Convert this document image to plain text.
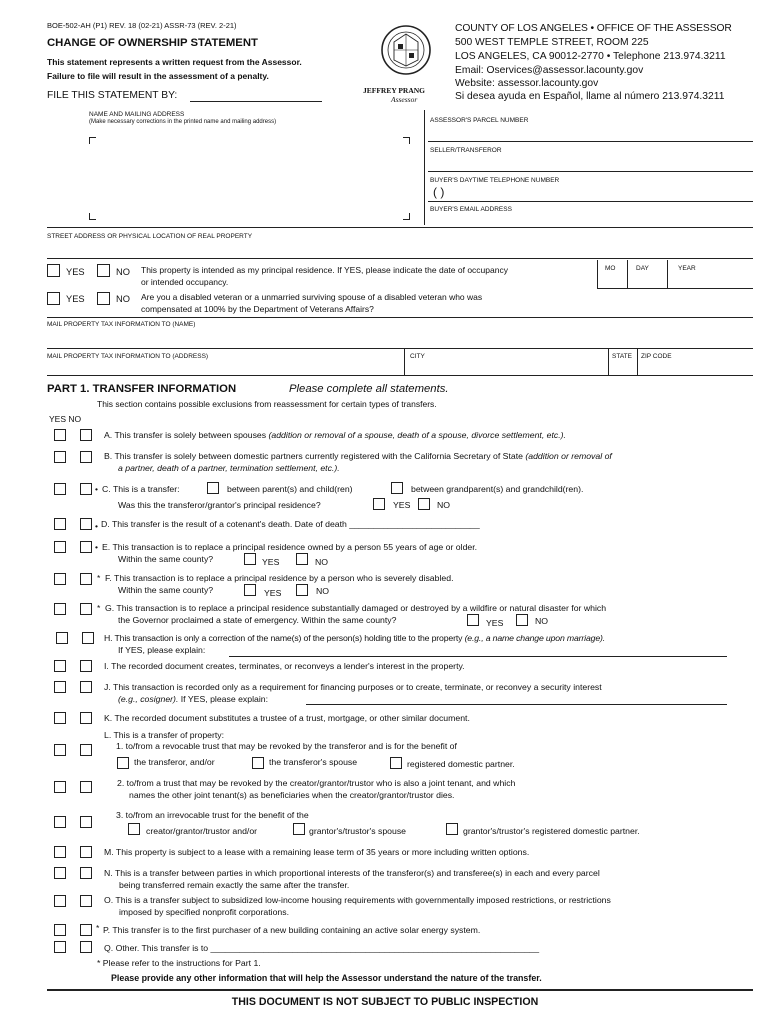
BOE-502-AH (P1) REV. 18 (02-21) ASSR-73 (REV. 2-21)
CHANGE OF OWNERSHIP STATEMENT
This statement represents a written request from the Assessor.
Failure to file will result in the assessment of a penalty.
FILE THIS STATEMENT BY:	JEFFREY PRANG
Assessor
COUNTY OF LOS ANGELES • OFFICE OF THE ASSESSOR
500 WEST TEMPLE STREET, ROOM 225
LOS ANGELES, CA 90012-2770 • Telephone 213.974.3211
Email: Oservices@assessor.lacounty.gov
Website: assessor.lacounty.gov
Si desea ayuda en Español, llame al número 213.974.3211
NAME AND MAILING ADDRESS
(Make necessary corrections in the printed name and mailing address)	ASSESSOR'S PARCEL NUMBER
SELLER/TRANSFEROR
BUYER'S DAYTIME TELEPHONE NUMBER
( )
BUYER'S EMAIL ADDRESS
STREET ADDRESS OR PHYSICAL LOCATION OF REAL PROPERTY
YES	NO This property is intended as my principal residence. If YES, please indicate the date of occupancy
or intended occupancy.
MO	DAY	YEAR
YES	NO Are you a disabled veteran or a unmarried surviving spouse of a disabled veteran who was
compensated at 100% by the Department of Veterans Affairs?
MAIL PROPERTY TAX INFORMATION TO (NAME)
MAIL PROPERTY TAX INFORMATION TO (ADDRESS)	CITY	STATE ZIP CODE
PART 1. TRANSFER INFORMATION	Please complete all statements.
This section contains possible exclusions from reassessment for certain types of transfers.
YES NO
A. This transfer is solely between spouses (addition or removal of a spouse, death of a spouse, divorce settlement, etc.).
B. This transfer is solely between domestic partners currently registered with the California Secretary of State (addition or removal of
a partner, death of a partner, termination settlement, etc.).
• C. This is a transfer:	between parent(s) and child(ren)	between grandparent(s) and grandchild(ren).
Was this the transferor/grantor's principal residence?	YES	NO
• D. This transfer is the result of a cotenant's death. Date of death ___________________________
• E. This transaction is to replace a principal residence owned by a person 55 years of age or older.
Within the same county?	YES	NO
* F. This transaction is to replace a principal residence by a person who is severely disabled.
Within the same county?	YES	NO
* G. This transaction is to replace a principal residence substantially damaged or destroyed by a wildfire or natural disaster for which
the Governor proclaimed a state of emergency. Within the same county?	YES	NO
H. This transaction is only a correction of the name(s) of the person(s) holding title to the property (e.g., a name change upon marriage).
If YES, please explain:
I. The recorded document creates, terminates, or reconveys a lender's interest in the property.
J. This transaction is recorded only as a requirement for financing purposes or to create, terminate, or reconvey a security interest
(e.g., cosigner). If YES, please explain:
K. The recorded document substitutes a trustee of a trust, mortgage, or other similar document.
L. This is a transfer of property:
1. to/from a revocable trust that may be revoked by the transferor and is for the benefit of
the transferor, and/or	the transferor's spouse	registered domestic partner.
2. to/from a trust that may be revoked by the creator/grantor/trustor who is also a joint tenant, and which
names the other joint tenant(s) as beneficiaries when the creator/grantor/trustor dies.
3. to/from an irrevocable trust for the benefit of the
creator/grantor/trustor and/or	grantor's/trustor's spouse	grantor's/trustor's registered domestic partner.
M. This property is subject to a lease with a remaining lease term of 35 years or more including written options.
N. This is a transfer between parties in which proportional interests of the transferor(s) and transferee(s) in each and every parcel
being transferred remain exactly the same after the transfer.
O. This is a transfer subject to subsidized low-income housing requirements with governmentally imposed restrictions, or restrictions
imposed by specified nonprofit corporations.
* P. This transfer is to the first purchaser of a new building containing an active solar energy system.
Q. Other. This transfer is to ____________________________________________________________________
* Please refer to the instructions for Part 1.
Please provide any other information that will help the Assessor understand the nature of the transfer.
THIS DOCUMENT IS NOT SUBJECT TO PUBLIC INSPECTION
